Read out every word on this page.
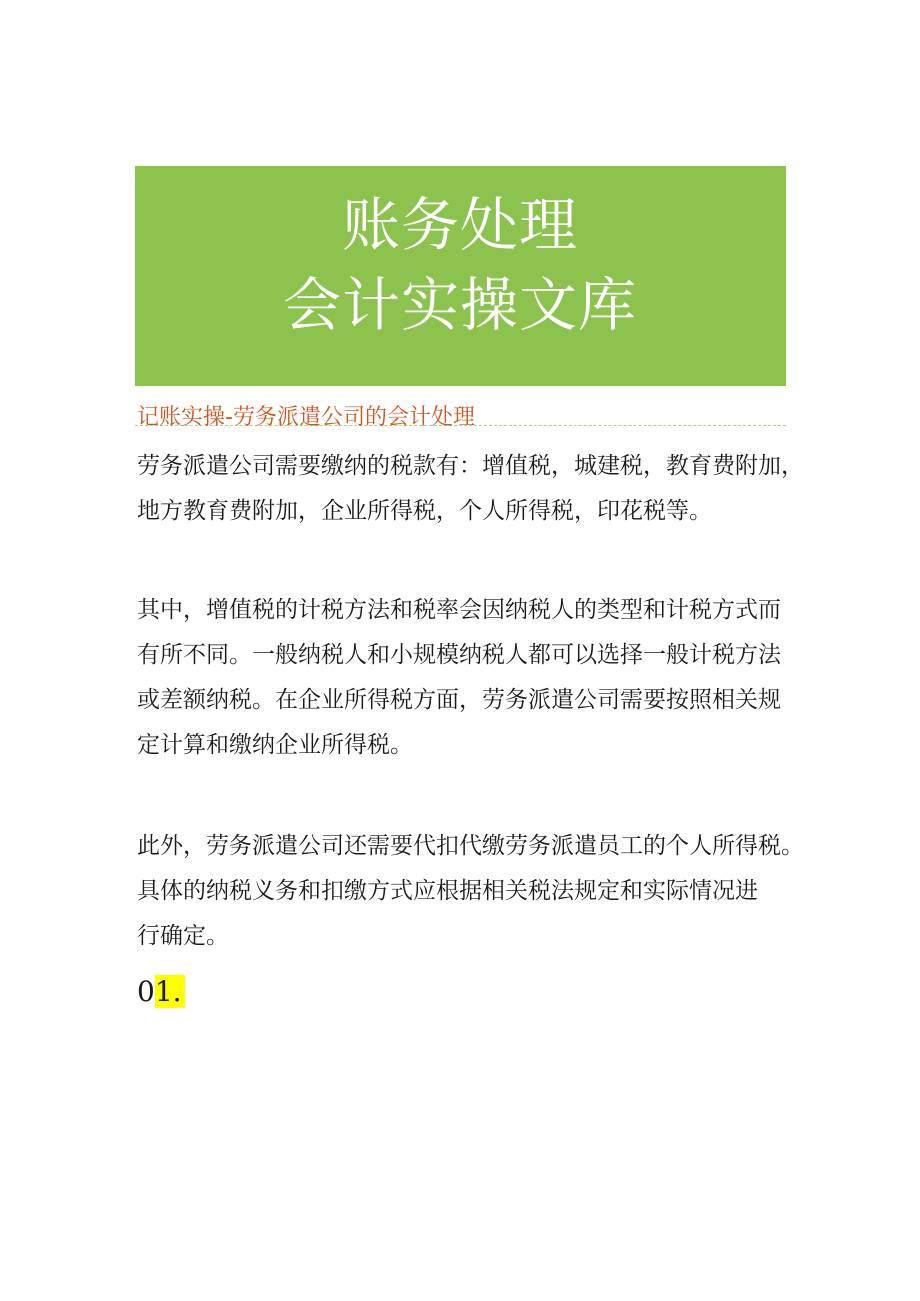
账务处理
会计实操文库
记账实操-劳务派遣公司的会计处理
劳务派遣公司需要缴纳的税款有：增值税，城建税，教育费附加，
地方教育费附加，企业所得税，个人所得税，印花税等。
其中，增值税的计税方法和税率会因纳税人的类型和计税方式而
有所不同。一般纳税人和小规模纳税人都可以选择一般计税方法
或差额纳税。在企业所得税方面，劳务派遣公司需要按照相关规
定计算和缴纳企业所得税。
此外，劳务派遣公司还需要代扣代缴劳务派遣员工的个人所得税。
具体的纳税义务和扣缴方式应根据相关税法规定和实际情况进
行确定。
01.
